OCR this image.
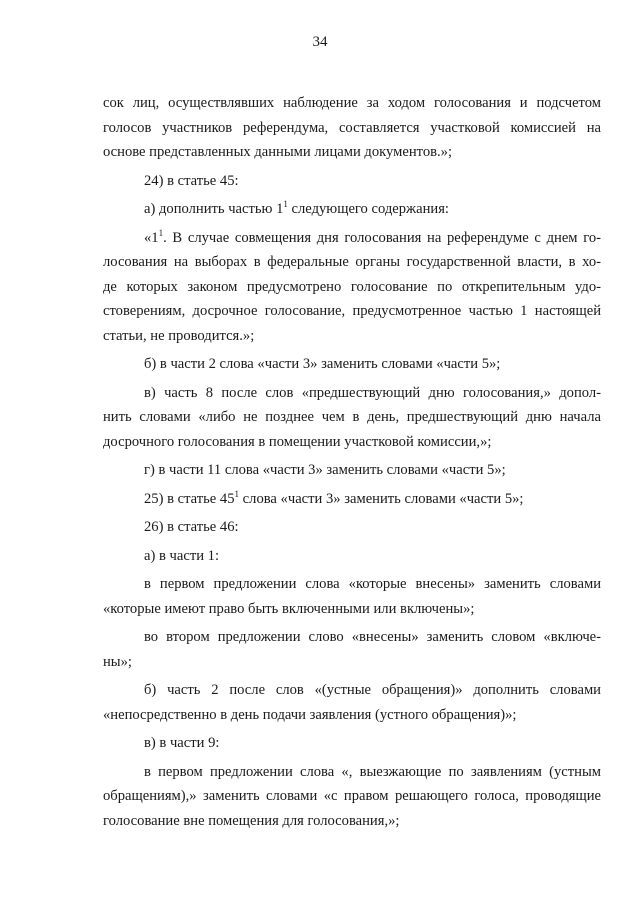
34
сок лиц, осуществлявших наблюдение за ходом голосования и подсчетом
голосов участников референдума, составляется участковой комиссией на
основе представленных данными лицами документов.»;
24) в статье 45:
а) дополнить частью $1^1$ следующего содержания:
«$1^1$. В случае совмещения дня голосования на референдуме с днем го-
лосования на выборах в федеральные органы государственной власти, в хо-
де которых законом предусмотрено голосование по открепительным удо-
стоверениям, досрочное голосование, предусмотренное частью 1 настоящей
статьи, не проводится.»;
б) в части 2 слова «части 3» заменить словами «части 5»;
в) часть 8 после слов «предшествующий дню голосования,» допол-
нить словами «либо не позднее чем в день, предшествующий дню начала
досрочного голосования в помещении участковой комиссии,»;
г) в части 11 слова «части 3» заменить словами «части 5»;
25) в статье $45^1$ слова «части 3» заменить словами «части 5»;
26) в статье 46:
а) в части 1:
в первом предложении слова «которые внесены» заменить словами
«которые имеют право быть включенными или включены»;
во втором предложении слово «внесены» заменить словом «включе-
ны»;
б) часть 2 после слов «(устные обращения)» дополнить словами
«непосредственно в день подачи заявления (устного обращения)»;
в) в части 9:
в первом предложении слова «, выезжающие по заявлениям (устным
обращениям),» заменить словами «с правом решающего голоса, проводящие
голосование вне помещения для голосования,»;
